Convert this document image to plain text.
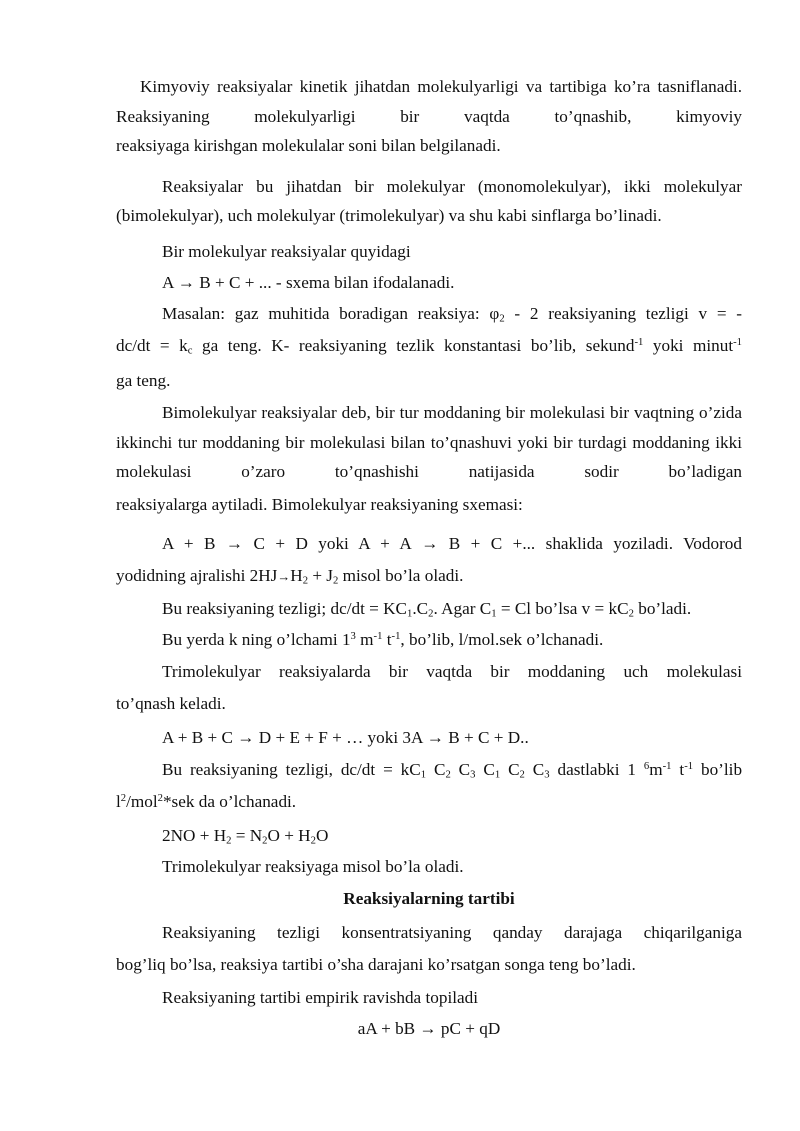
Kimyoviy reaksiyalar kinetik jihatdan molekulyarligi va tartibiga ko’ra tasniflanadi. Reaksiyaning molekulyarligi bir vaqtda to’qnashib, kimyoviy

reaksiyaga kirishgan molekulalar soni bilan belgilanadi.

Reaksiyalar bu jihatdan bir molekulyar (monomolekulyar), ikki molekulyar

(bimolekulyar), uch molekulyar (trimolekulyar) va shu kabi sinflarga bo’linadi.

Bir molekulyar reaksiyalar quyidagi

A → B + C + ... - sxema bilan ifodalanadi.

Masalan: gaz muhitida boradigan reaksiya: $\varphi_2 - 2$ reaksiyaning tezligi v = -

$dc/dt = k_c$ ga teng. K- reaksiyaning tezlik konstantasi bo’lib, sekund$^{-1}$ yoki minut$^{-1}$

ga teng.

Bimolekulyar reaksiyalar deb, bir tur moddaning bir molekulasi bir vaqtning o’zida ikkinchi tur moddaning bir molekulasi bilan to’qnashuvi yoki bir turdagi moddaning ikki molekulasi o’zaro to’qnashishi natijasida sodir bo’ladigan

reaksiyalarga aytiladi. Bimolekulyar reaksiyaning sxemasi:

A + B → C + D yoki A + A → B + C +... shaklida yoziladi. Vodorod

yodidning ajralishi $2HJ\to H_2 + J_2$ misol bo’la oladi.

Bu reaksiyaning tezligi; $dc/dt = KC_1.C_2$. Agar $C_1 = Cl$ bo’lsa $v = kC_2$ bo’ladi.

Bu yerda k ning o’lchami $1^3$ $m^{-1}$ $t^{-1}$, bo’lib, l/mol.sek o’lchanadi.

Trimolekulyar reaksiyalarda bir vaqtda bir moddaning uch molekulasi

to’qnash keladi.

A + B + C → D + E + F + … yoki 3A → B + C + D..

Bu reaksiyaning tezligi, $dc/dt = kC_1$ $C_2$ $C_3$ $C_1$ $C_2$ $C_3$ dastlabki 1 $^6m^{-1}$ $t^{-1}$ bo’lib

$l^2/mol^2*sek$ da o’lchanadi.

$2NO + H_2 = N_2O + H_2O$

Trimolekulyar reaksiyaga misol bo’la oladi.

Reaksiyalarning tartibi

Reaksiyaning tezligi konsentratsiyaning qanday darajaga chiqarilganiga

bog’liq bo’lsa, reaksiya tartibi o’sha darajani ko’rsatgan songa teng bo’ladi.

Reaksiyaning tartibi empirik ravishda topiladi

aA + bB → pC + qD
